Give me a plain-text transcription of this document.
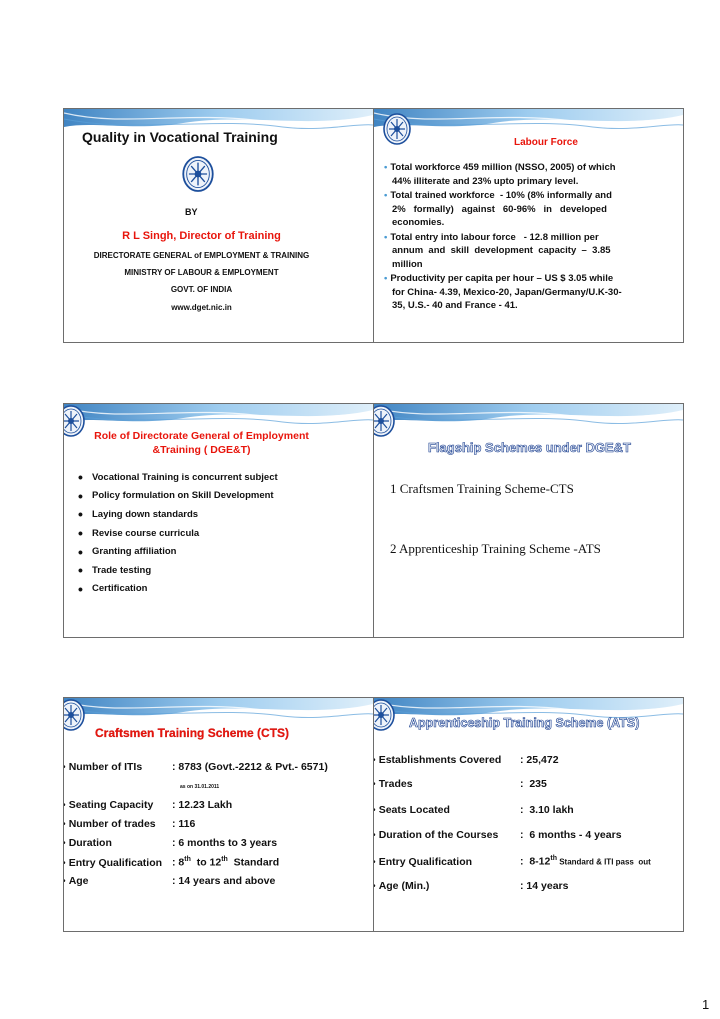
Quality in Vocational Training
BY
R L Singh, Director of Training
DIRECTORATE GENERAL of EMPLOYMENT & TRAINING
MINISTRY OF LABOUR & EMPLOYMENT
GOVT. OF INDIA
www.dget.nic.in
Labour Force
• Total workforce 459 million (NSSO, 2005) of which
44% illiterate and 23% upto primary level.
• Total trained workforce  - 10% (8% informally and
2%   formally)   against   60-96%   in   developed
economies.
• Total entry into labour force   - 12.8 million per
annum  and  skill  development  capacity  –  3.85
million
• Productivity per capita per hour – US $ 3.05 while
for China- 4.39, Mexico-20, Japan/Germany/U.K-30-
35, U.S.- 40 and France - 41.
Role of Directorate General of Employment
&Training ( DGE&T)
• Vocational Training is concurrent subject
• Policy formulation on Skill Development
• Laying down standards
• Revise course curricula
• Granting affiliation
• Trade testing
• Certification
Flagship Schemes under DGE&T
1 Craftsmen Training Scheme-CTS
2 Apprenticeship Training Scheme -ATS
Craftsmen Training Scheme (CTS)
• Number of ITIs	: 8783 (Govt.-2212 & Pvt.- 6571)
as on 31.01.2011
• Seating Capacity : 12.23 Lakh
• Number of trades : 116
• Duration	: 6 months to 3 years
• Entry Qualification : 8th  to 12th  Standard
• Age	: 14 years and above
Apprenticeship Training Scheme (ATS)
• Establishments Covered : 25,472
• Trades	:  235
• Seats Located	:  3.10 lakh
• Duration of the Courses :  6 months - 4 years
• Entry Qualification	:  8-12th Standard & ITI pass  out
• Age (Min.)	: 14 years
1
